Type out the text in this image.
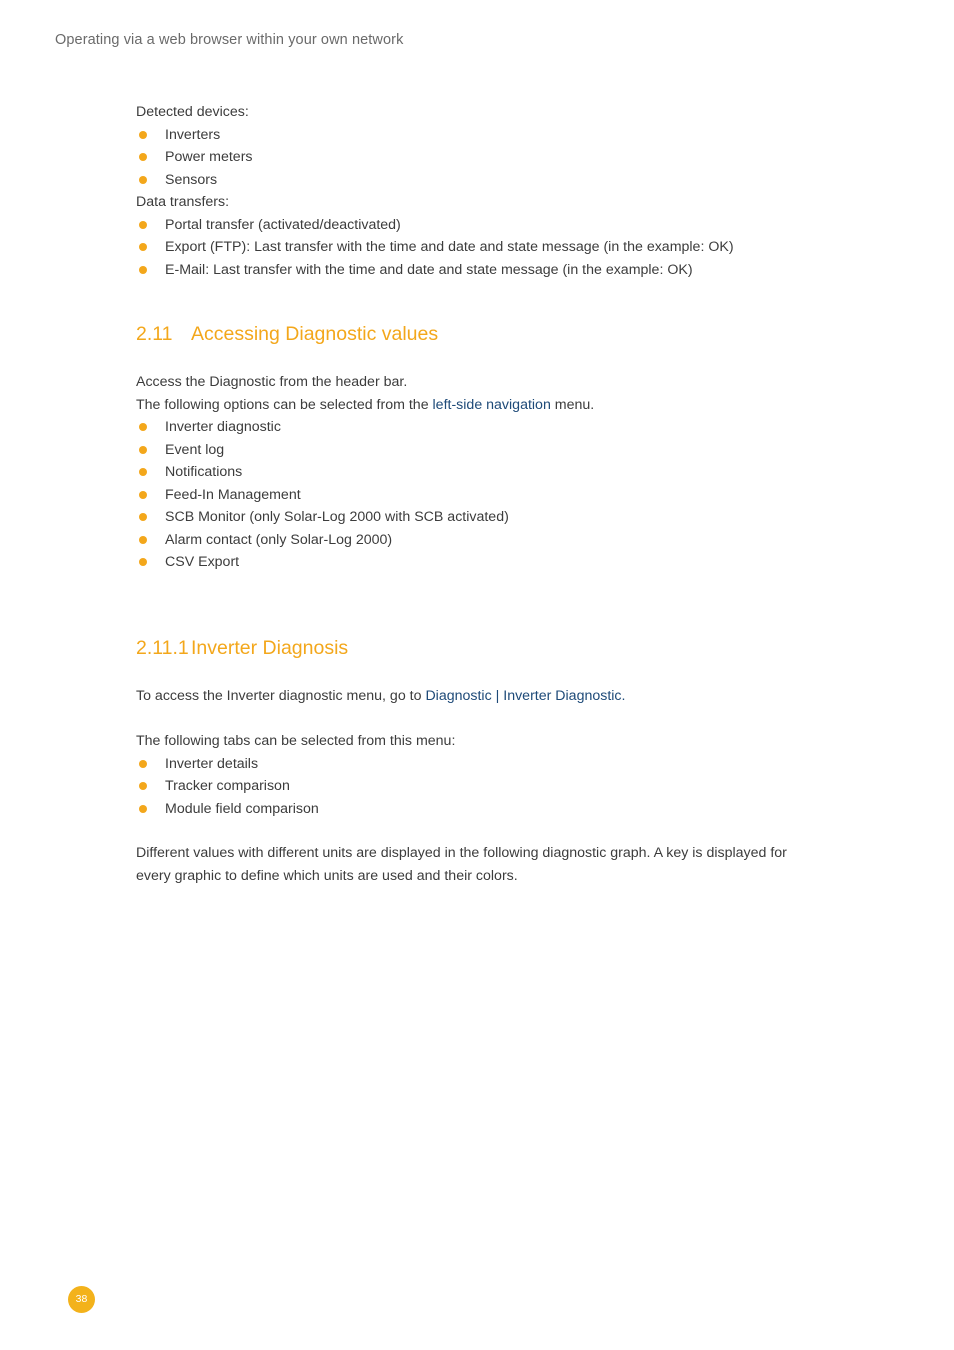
Operating via a web browser within your own network

Detected devices:

Inverters
Power meters
Sensors

Data transfers:

Portal transfer (activated/deactivated)
Export (FTP): Last transfer with the time and date and state message (in the example: OK)
E-Mail: Last transfer with the time and date and state message (in the example: OK)
2.11 Accessing Diagnostic values

Access the Diagnostic from the header bar.

The following options can be selected from the left-side navigation menu.

Inverter diagnostic
Event log
Notifications
Feed-In Management
SCB Monitor (only Solar-Log 2000 with SCB activated)
Alarm contact (only Solar-Log 2000)
CSV Export
2.11.1 Inverter Diagnosis

To access the Inverter diagnostic menu, go to Diagnostic | Inverter Diagnostic.

The following tabs can be selected from this menu:

Inverter details
Tracker comparison
Module field comparison

Different values with different units are displayed in the following diagnostic graph. A key is displayed for

every graphic to define which units are used and their colors.

38
